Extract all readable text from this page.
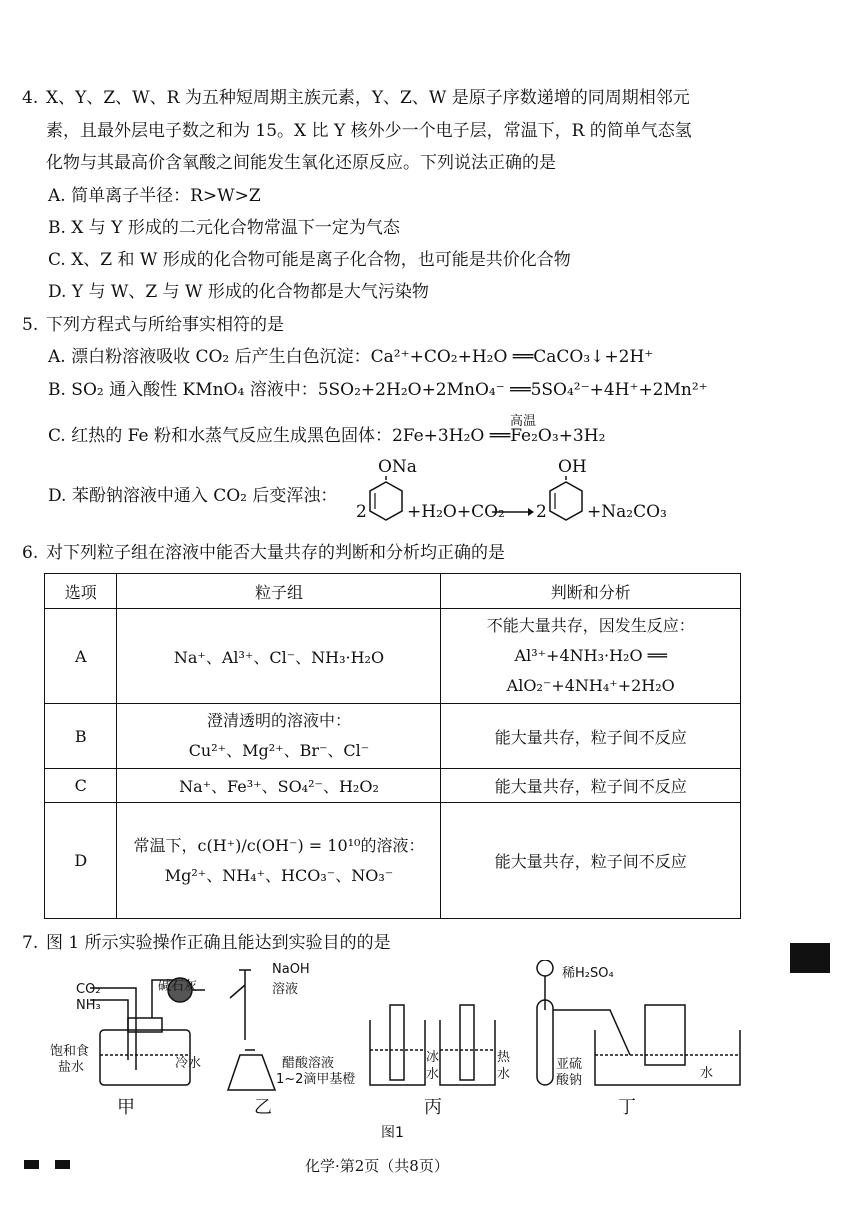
4. X、Y、Z、W、R 为五种短周期主族元素，Y、Z、W 是原子序数递增的同周期相邻元
素，且最外层电子数之和为 15。X 比 Y 核外少一个电子层，常温下，R 的简单气态氢
化物与其最高价含氧酸之间能发生氧化还原反应。下列说法正确的是
A. 简单离子半径：R>W>Z
B. X 与 Y 形成的二元化合物常温下一定为气态
C. X、Z 和 W 形成的化合物可能是离子化合物，也可能是共价化合物
D. Y 与 W、Z 与 W 形成的化合物都是大气污染物
5. 下列方程式与所给事实相符的是
A. 漂白粉溶液吸收 CO₂ 后产生白色沉淀：Ca²⁺+CO₂+H₂O ══CaCO₃↓+2H⁺
B. SO₂ 通入酸性 KMnO₄ 溶液中：5SO₂+2H₂O+2MnO₄⁻ ══5SO₄²⁻+4H⁺+2Mn²⁺
高温
C. 红热的 Fe 粉和水蒸气反应生成黑色固体：2Fe+3H₂O ══Fe₂O₃+3H₂
D. 苯酚钠溶液中通入 CO₂ 后变浑浊：
ONa	OH
2 +H₂O+CO₂ → 2 +Na₂CO₃
6. 对下列粒子组在溶液中能否大量共存的判断和分析均正确的是
选项	粒子组	判断和分析
A	Na⁺、Al³⁺、Cl⁻、NH₃·H₂O	不能大量共存，因发生反应：
Al³⁺+4NH₃·H₂O ══
AlO₂⁻+4NH₄⁺+2H₂O

B	澄清透明的溶液中：
Cu²⁺、Mg²⁺、Br⁻、Cl⁻	能大量共存，粒子间不反应
C	Na⁺、Fe³⁺、SO₄²⁻、H₂O₂	能大量共存，粒子间不反应
D	常温下，c(H⁺)/c(OH⁻) = 10¹⁰的溶液：
Mg²⁺、NH₄⁺、HCO₃⁻、NO₃⁻	能大量共存，粒子间不反应
7. 图 1 所示实验操作正确且能达到实验目的的是
CO₂
NH₃
碱石灰
饱和食
盐水	冷水
NaOH
溶液
醋酸溶液
1~2滴甲基橙
冰
水
热
水
稀H₂SO₄
亚硫
酸钠	水
甲	乙	丙	丁
图1
化学·第2页（共8页）
